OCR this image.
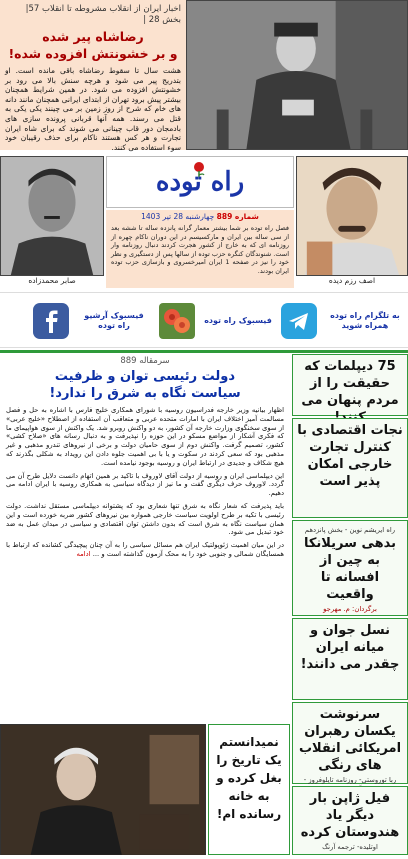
اخبار ایران از انقلاب مشروطه تا انقلاب 57| بخش 28 |
رضاشاه پیر شده
و بر خشونتش افزوده شده!
هشت سال تا سقوط رضاشاه باقی مانده است. او بتدریج پیر می شود و هرچه سنش بالا می رود بر خشونتش افزوده می شود. در همین شرایط همچنان بیشتر پیش برود تهران از ابتدای ایرانی همچنان مانند دانه های خام که شرح از روز زمین بر می چینند یکی یکی به قتل می رسند. همه آنها قربانی پرونده سازی های بادمجان دور قاب چینانی می شوند که برای شاه ایران تجارت و هر کس هستند ناکام برای حذف رقیبان خود سوء استفاده می کنند.
صابر محمدزاده
راه توده
شماره 889 چهارشنبه 28 تیر 1403
فصل راه توده بر شما بیشتر معمار گرانه پانزده ساله تا ششه بعد از سی ساله بین ایران و مارکسیسم در این دوران ناکام چهره از روزنامه ای که به خارج از کشور هجرت کردند دنبال روزنامه وار است. شنوندگان کنگره حزب توده از سالها پس از دستگیری و نظر خود را نیز در صفحه 1 ایران امیرخسروی و بازسازی حزب توده ایران بودند.
اصف رزم دیده
به تلگرام راه توده همراه شوید
فیسبوک راه توده
فیسبوک آرشیو راه توده
سرمقاله 889
دولت رئیسی توان و ظرفیت
سیاست نگاه به شرق را ندارد!
اظهار بیانیه وزیر خارجه فدراسیون روسیه با شورای همکاری خلیج فارس با اشاره به حل و فصل مسالمت آمیز اختلاف ایران با امارات متحده عربی و متعاقب آن استفاده از اصطلاح «خلیج عربی» از سوی سخنگوی وزارت خارجه آن کشور، به دو واکنش روبرو شد. یک واکنش از سوی هواپیمای ما که فکری آشکار از مواضع مسکو در این حوزه را نپذیرفت و به دنبال رسانه های «صلاح کشی» کشور، تصمیم گرفت. واکنش دوم از سوی حامیان دولت و برخی از نیروهای تندرو مذهبی و غیر مذهبی بود که سعی کردند در سکوت و یا با بی اهمیت جلوه دادن این رویداد به شکلی بگذرند که هیچ شکاف و جدیدی در ارتباط ایران و روسیه بوجود نیامده است.
این دیپلماسی ایران و روسیه از دولت آقای لاوروف با تاکید بر همین اتهام دانست دلایل طرح آن می گردد. لاوروف حرف دیگری گفت و ما نیز از دیدگاه سیاسی به همکاری روسیه با ایران ادامه می دهیم.
باید پذیرفت که شعار نگاه به شرق تنها شعاری بود که پشتوانه دیپلماسی مستقل نداشت. دولت رئیسی با تکیه بر طرح اولویت سیاست خارجی همواره بین نیروهای کشور ضربه خورده است و این همان سیاست نگاه به شرق است که بدون داشتن توان اقتصادی و سیاسی در میدان عمل به ضد خود تبدیل می شود.
در این میان اهمیت ژئوپولتیک ایران هم مسائل سیاسی را به آن چنان پیچیدگی کشانده که ارتباط با همسایگان شمالی و جنوبی خود را به محک آزمون گذاشته است و ... ادامه
75 دیپلمات که حقیقت را از مردم پنهان می
نجات اقتصادی با کنترل تجارت خارجی امکان پذیر است
راه ایریشم نوین - بخش پانزدهم
بدهی سریلانکا به چین از افسانه تا واقعیت
برگردان: م. مهرجو
نسل جوان و میانه ایران چقدر می دانند!
سرنوشت یکسان رهبران امریکائی انقلاب های رنگی
ربا توروستی- روزنامه تایلوفروز -
فیل ژاپن بار دیگر یاد هندوستان کرده
اوتلیده- ترجمه آرنگ
نمیدانستم یک تاریخ را بغل کرده و به خانه رسانده ام!
